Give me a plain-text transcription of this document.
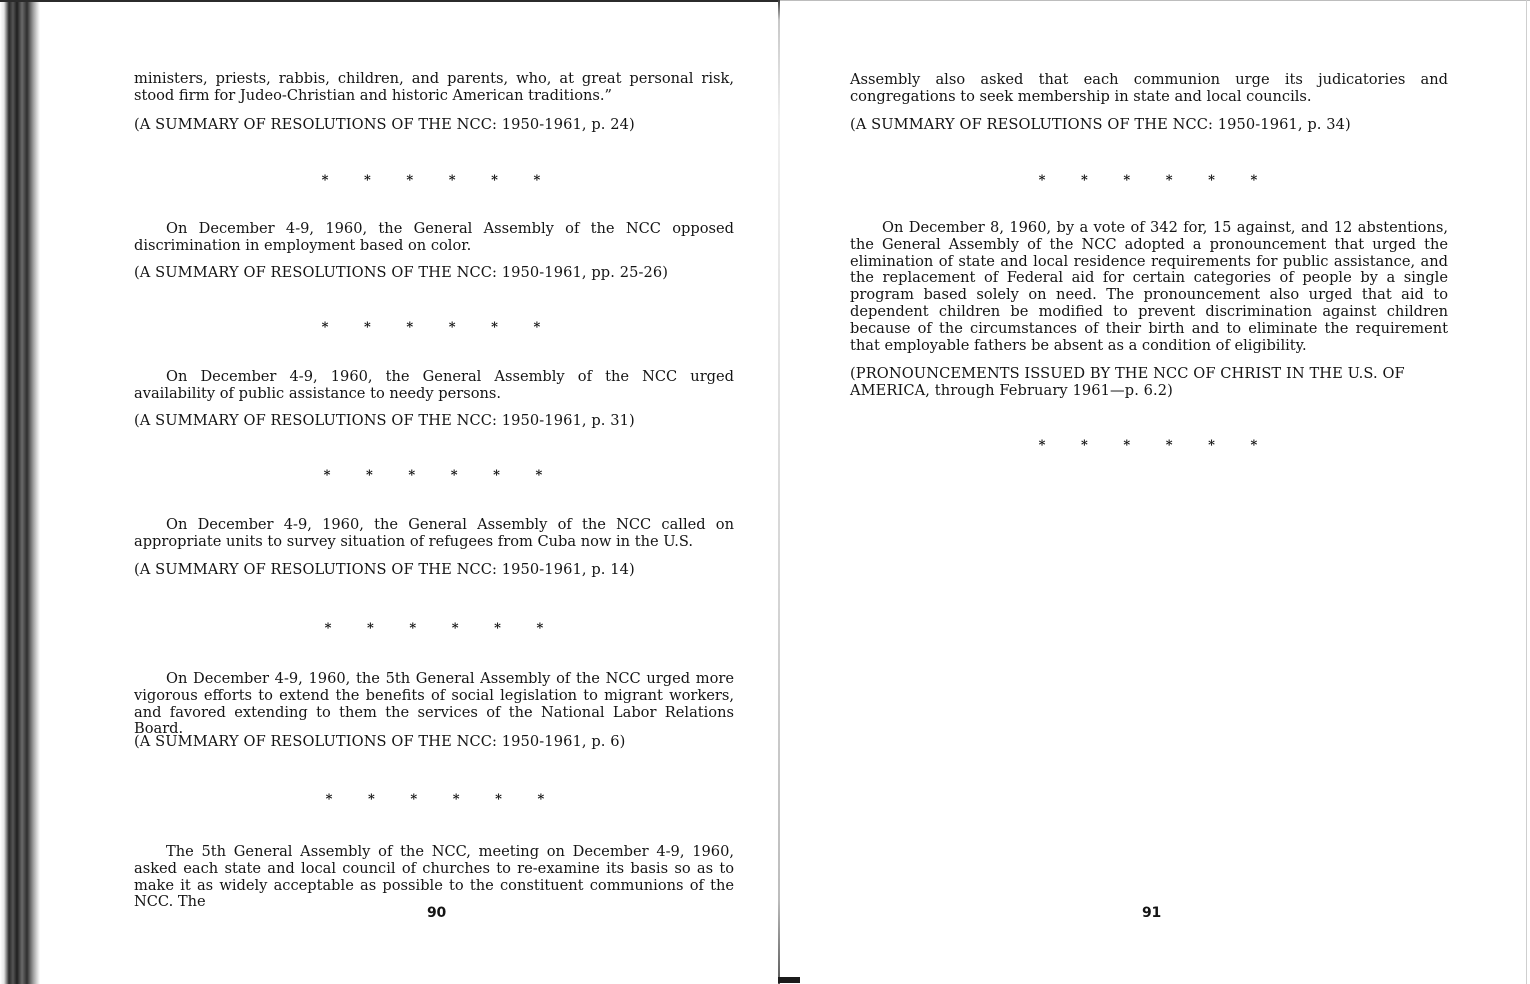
ministers, priests, rabbis, children, and parents, who, at great personal risk, stood firm for Judeo-Christian and historic American traditions.”

(A SUMMARY OF RESOLUTIONS OF THE NCC: 1950-1961, p. 24)

*	*	*	*	*	*

On December 4-9, 1960, the General Assembly of the NCC opposed discrimination in employment based on color.

(A SUMMARY OF RESOLUTIONS OF THE NCC: 1950-1961, pp. 25-26)

*	*	*	*	*	*

On December 4-9, 1960, the General Assembly of the NCC urged availability of public assistance to needy persons.

(A SUMMARY OF RESOLUTIONS OF THE NCC: 1950-1961, p. 31)

*	*	*	*	*	*

On December 4-9, 1960, the General Assembly of the NCC called on appropriate units to survey situation of refugees from Cuba now in the U.S.

(A SUMMARY OF RESOLUTIONS OF THE NCC: 1950-1961, p. 14)

*	*	*	*	*	*

On December 4-9, 1960, the 5th General Assembly of the NCC urged more vigorous efforts to extend the benefits of social legislation to migrant workers, and favored extending to them the services of the National Labor Relations Board.

(A SUMMARY OF RESOLUTIONS OF THE NCC: 1950-1961, p. 6)

*	*	*	*	*	*

The 5th General Assembly of the NCC, meeting on December 4-9, 1960, asked each state and local council of churches to re-examine its basis so as to make it as widely acceptable as possible to the constituent communions of the NCC. The

90

Assembly also asked that each communion urge its judicatories and congregations to seek membership in state and local councils.

(A SUMMARY OF RESOLUTIONS OF THE NCC: 1950-1961, p. 34)

*	*	*	*	*	*

On December 8, 1960, by a vote of 342 for, 15 against, and 12 abstentions, the General Assembly of the NCC adopted a pronouncement that urged the elimination of state and local residence requirements for public assistance, and the replacement of Federal aid for certain categories of people by a single program based solely on need. The pronouncement also urged that aid to dependent children be modified to prevent discrimination against children because of the circumstances of their birth and to eliminate the requirement that employable fathers be absent as a condition of eligibility.

(PRONOUNCEMENTS ISSUED BY THE NCC OF CHRIST IN THE U.S. OF AMERICA, through February 1961—p. 6.2)

*	*	*	*	*	*
91
